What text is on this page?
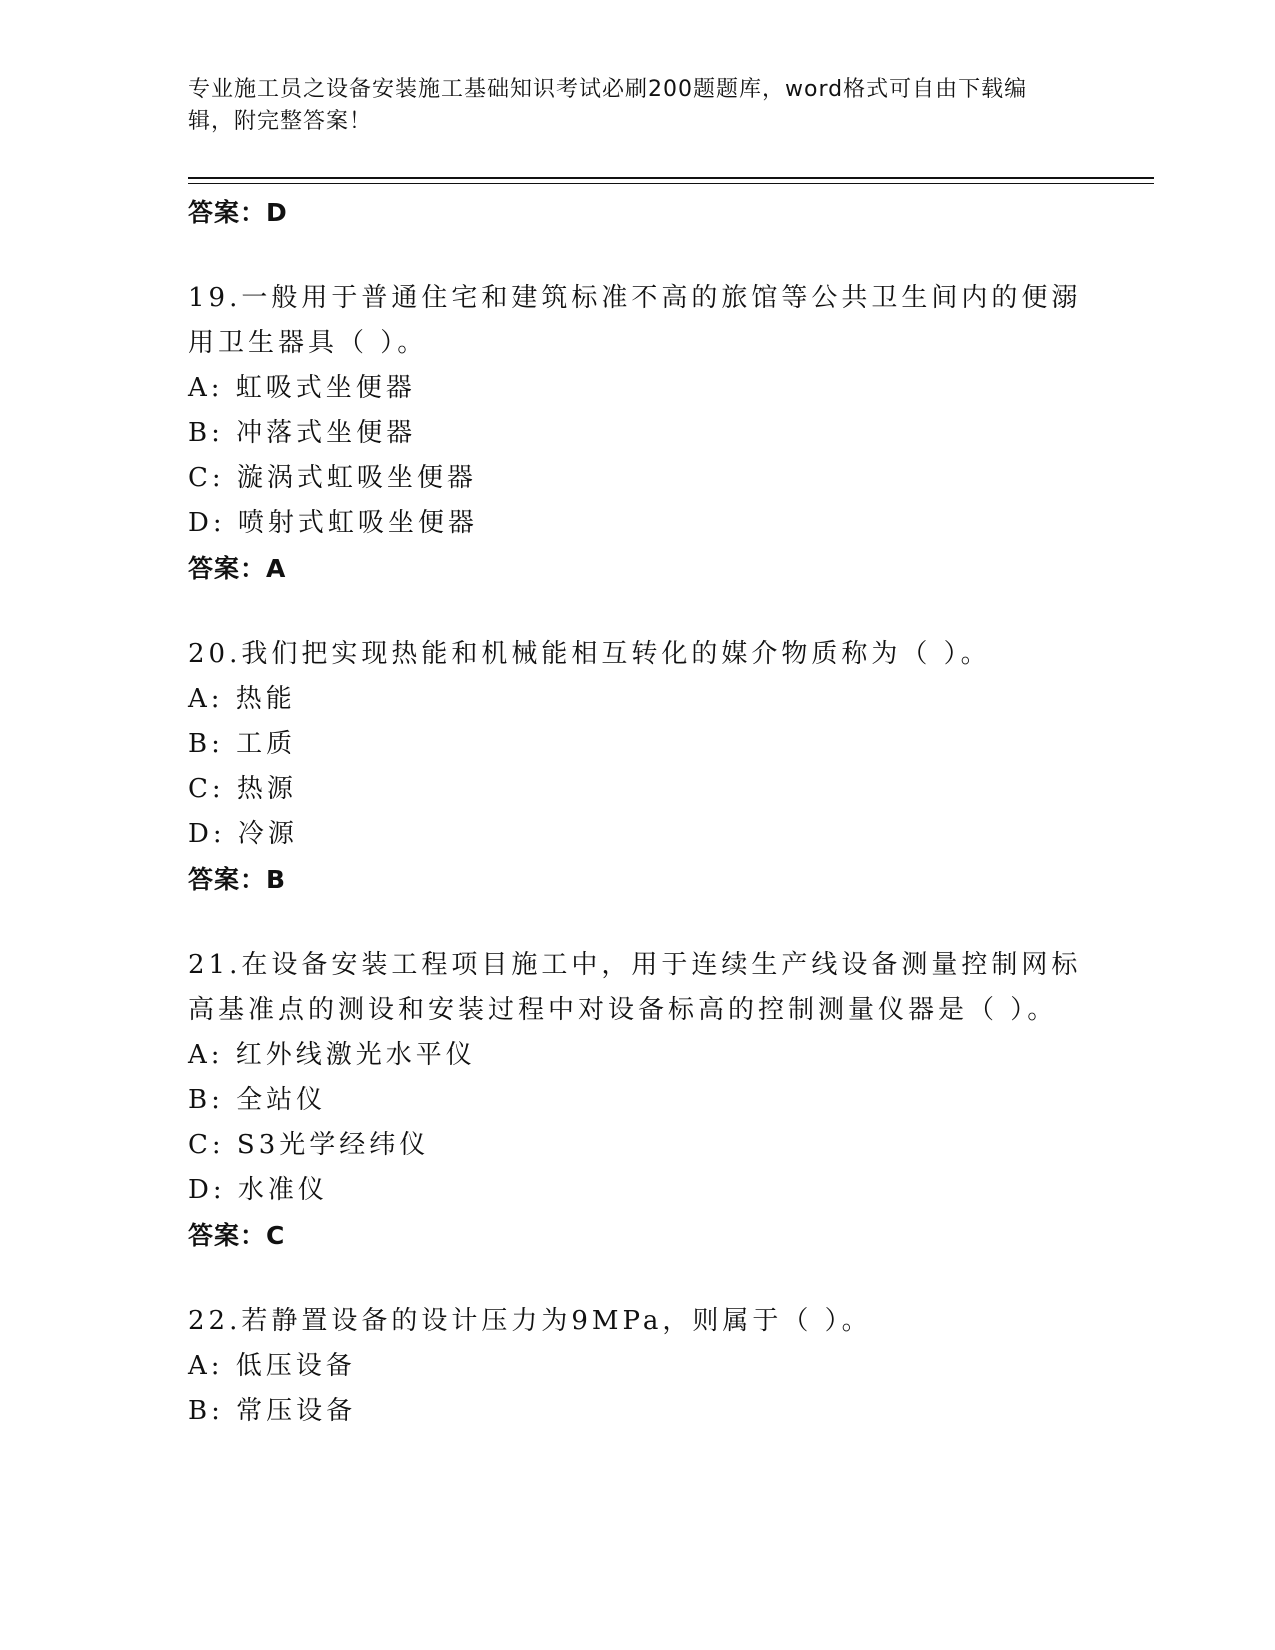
专业施工员之设备安装施工基础知识考试必刷200题题库，word格式可自由下载编辑，附完整答案！
答案：D
19.一般用于普通住宅和建筑标准不高的旅馆等公共卫生间内的便溺用卫生器具（ ）。
A: 虹吸式坐便器
B: 冲落式坐便器
C: 漩涡式虹吸坐便器
D: 喷射式虹吸坐便器
答案：A
20.我们把实现热能和机械能相互转化的媒介物质称为（ ）。
A: 热能
B: 工质
C: 热源
D: 冷源
答案：B
21.在设备安装工程项目施工中，用于连续生产线设备测量控制网标高基准点的测设和安装过程中对设备标高的控制测量仪器是（ ）。
A: 红外线激光水平仪
B: 全站仪
C: S3光学经纬仪
D: 水准仪
答案：C
22.若静置设备的设计压力为9MPa，则属于（ ）。
A: 低压设备
B: 常压设备
